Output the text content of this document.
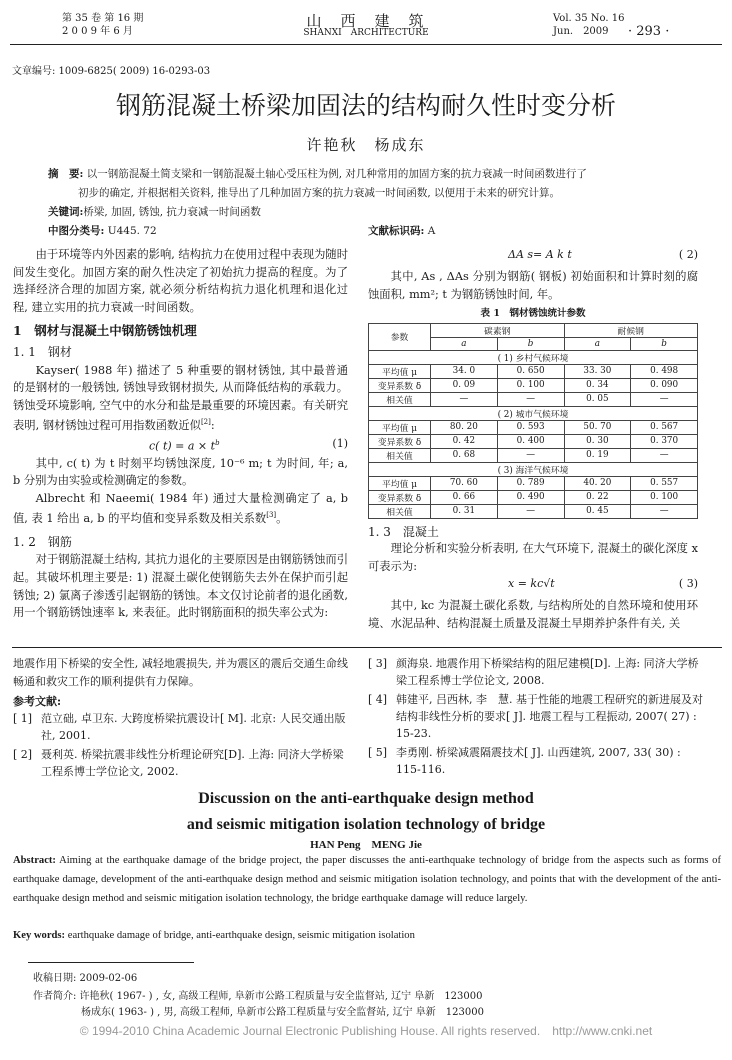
第 35 卷 第 16 期
2 0 0 9 年 6 月
山　西　建　筑
SHANXI　ARCHITECTURE
Vol. 35 No. 16
Jun.　2009 · 293 ·
文章编号: 1009-6825( 2009) 16-0293-03
钢筋混凝土桥梁加固法的结构耐久性时变分析
许艳秋　杨成东
摘　要: 以一钢筋混凝土简支梁和一钢筋混凝土轴心受压柱为例, 对几种常用的加固方案的抗力衰减一时间函数进行了
初步的确定, 并根据相关资料, 推导出了几种加固方案的抗力衰减一时间函数, 以便用于未来的研究计算。
关键词:桥梁, 加固, 锈蚀, 抗力衰减一时间函数
中图分类号: U445. 72	文献标识码: A
由于环境等内外因素的影响, 结构抗力在使用过程中表现为随时间发生变化。加固方案的耐久性决定了初始抗力提高的程度。为了选择经济合理的加固方案, 就必须分析结构抗力退化机理和退化过程, 建立实用的抗力衰减一时间函数。
1　钢材与混凝土中钢筋锈蚀机理
1. 1　钢材
Kayser( 1988 年) 描述了 5 种重要的钢材锈蚀, 其中最普通的是钢材的一般锈蚀, 锈蚀导致钢材损失, 从而降低结构的承载力。锈蚀受环境影响, 空气中的水分和盐是最重要的环境因素。有关研究表明, 钢材锈蚀过程可用指数函数近似[2]:
c( $t) = a \times t^b$	(1)
其中, c( t) 为 t 时刻平均锈蚀深度, 10⁻⁶ m; t 为时间, 年; a, b 分别为由实验或检测确定的参数。
Albrecht 和 Naeemi( 1984 年) 通过大量检测确定了 a, b 值, 表 1 给出 a, b 的平均值和变异系数及相关系数[3]。
1. 2　钢筋
对于钢筋混凝土结构, 其抗力退化的主要原因是由钢筋锈蚀而引起。其破坏机理主要是: 1) 混凝土碳化使钢筋失去外在保护而引起锈蚀; 2) 氯离子渗透引起钢筋的锈蚀。本文仅讨论前者的退化函数, 用一个钢筋锈蚀速率 k, 来表征。此时钢筋面积的损失率公式为:
ΔA s= A k t	( 2)
其中, As , ΔAs 分别为钢筋( 钢板) 初始面积和计算时刻的腐蚀面积, mm²; t 为钢筋锈蚀时间, 年。
表 1　钢材锈蚀统计参数
参数	碳素钢		耐候钢	
	a	b	a	b
( 1) 乡村气候环境				
平均值 μ	34. 0	0. 650	33. 30	0. 498
变异系数 δ	0. 09	0. 100	0. 34	0. 090
相关值	—	—	0. 05	—
( 2) 城市气候环境				
平均值 μ	80. 20	0. 593	50. 70	0. 567
变异系数 δ	0. 42	0. 400	0. 30	0. 370
相关值	0. 68	—	0. 19	—
( 3) 海洋气候环境				
平均值 μ	70. 60	0. 789	40. 20	0. 557
变异系数 δ	0. 66	0. 490	0. 22	0. 100
相关值	0. 31	—	0. 45	—
1. 3　混凝土
理论分析和实验分析表明, 在大气环境下, 混凝土的碳化深度 x 可表示为:
x = kc√t	( 3)
其中, kc 为混凝土碳化系数, 与结构所处的自然环境和使用环境、水泥品种、结构混凝土质量及混凝土早期养护条件有关, 关
地震作用下桥梁的安全性, 减轻地震损失, 并为震区的震后交通生命线畅通和救灾工作的顺利提供有力保障。
参考文献:
[ 1] 范立础, 卓卫东. 大跨度桥梁抗震设计[ M]. 北京: 人民交通出版社, 2001.
[ 2] 聂利英. 桥梁抗震非线性分析理论研究[D]. 上海: 同济大学桥梁工程系博士学位论文, 2002.
[ 3] 颜海泉. 地震作用下桥梁结构的阻尼建模[D]. 上海: 同济大学桥梁工程系博士学位论文, 2008.
[ 4] 韩建平, 吕西林, 李　慧. 基于性能的地震工程研究的新进展及对结构非线性分析的要求[ J]. 地震工程与工程振动, 2007( 27) : 15-23.
[ 5] 李勇刚. 桥梁减震隔震技术[ J]. 山西建筑, 2007, 33( 30) : 115-116.
Discussion on the anti-earthquake design method
and seismic mitigation isolation technology of bridge
HAN Peng　MENG Jie
Abstract: Aiming at the earthquake damage of the bridge project, the paper discusses the anti-earthquake technology of bridge from the aspects such as forms of earthquake damage, development of the anti-earthquake design method and seismic mitigation isolation technology, and points that with the development of the anti-earthquake design method and seismic mitigation isolation technology, the bridge earthquake damage will reduce largely.
Key words: earthquake damage of bridge, anti-earthquake design, seismic mitigation isolation
收稿日期: 2009-02-06
作者简介: 许艳秋( 1967- ) , 女, 高级工程师, 阜新市公路工程质量与安全监督站, 辽宁 阜新　123000
杨成东( 1963- ) , 男, 高级工程师, 阜新市公路工程质量与安全监督站, 辽宁 阜新　123000
© 1994-2010 China Academic Journal Electronic Publishing House. All rights reserved.　http://www.cnki.net
